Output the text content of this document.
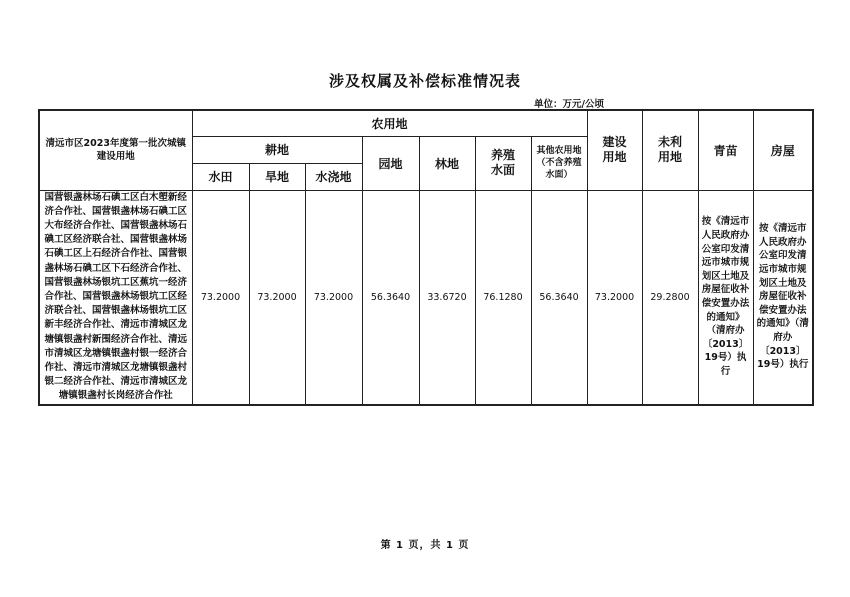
涉及权属及补偿标准情况表
单位：万元/公顷
清远市区2023年度第一批次城镇建设用地	农用地							建设用地	未利用地	青苗	房屋
	耕地			园地	林地	养殖水面	其他农用地（不含养殖水面）				

	水田	旱地	水浇地								
国营银盏林场石碘工区白木塱新经济合作社、国营银盏林场石碘工区大布经济合作社、国营银盏林场石碘工区经济联合社、国营银盏林场石碘工区上石经济合作社、国营银盏林场石碘工区下石经济合作社、国营银盏林场银坑工区蕉坑一经济合作社、国营银盏林场银坑工区经济联合社、国营银盏林场银坑工区新丰经济合作社、清远市清城区龙塘镇银盏村新围经济合作社、清远市清城区龙塘镇银盏村银一经济合作社、清远市清城区龙塘镇银盏村银二经济合作社、清远市清城区龙塘镇银盏村长岗经济合作社	73.2000	73.2000	73.2000	56.3640	33.6720	76.1280	56.3640	73.2000	29.2800	按《清远市人民政府办公室印发清远市城市规划区土地及房屋征收补偿安置办法的通知》（清府办〔2013〕19号）执行	按《清远市人民政府办公室印发清远市城市规划区土地及房屋征收补偿安置办法的通知》（清府办〔2013〕19号）执行
第 1 页，共 1 页
